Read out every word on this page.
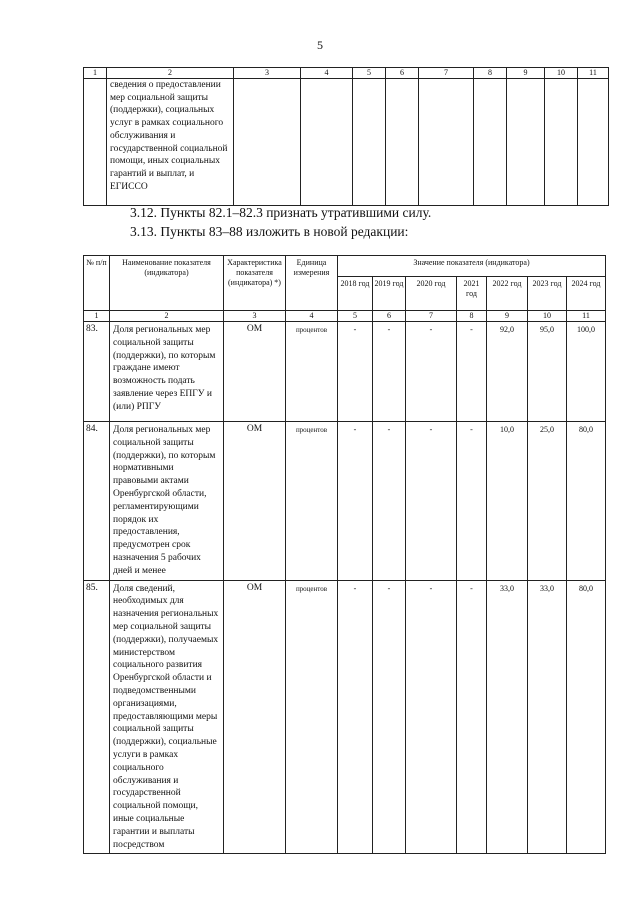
5
1	2	3	4	5	6	7	8	9	10	11
	сведения о предоставлении мер социальной защиты (поддержки), социальных услуг в рамках социального обслуживания и государственной социальной помощи, иных социальных гарантий и выплат, и ЕГИССО									
3.12. Пункты 82.1–82.3 признать утратившими силу.
3.13. Пункты 83–88 изложить в новой редакции:
№ п/п	Наименование показателя (индикатора)	Характеристика показателя (индикатора) *)	Единица измерения	Значение показателя (индикатора)						
				2018 год	2019 год	2020 год	2021 год	2022 год	2023 год	2024 год
1	2	3	4	5	6	7	8	9	10	11
83.	Доля региональных мер социальной защиты (поддержки), по которым граждане имеют возможность подать заявление через ЕПГУ и (или) РПГУ	ОМ	процентов	-	-	-	-	92,0	95,0	100,0
84.	Доля региональных мер социальной защиты (поддержки), по которым нормативными правовыми актами Оренбургской области, регламентирующими порядок их предоставления, предусмотрен срок назначения 5 рабочих дней и менее	ОМ	процентов	-	-	-	-	10,0	25,0	80,0
85.	Доля сведений, необходимых для назначения региональных мер социальной защиты (поддержки), получаемых министерством социального развития Оренбургской области и подведомственными организациями, предоставляющими меры социальной защиты (поддержки), социальные услуги в рамках социального обслуживания и государственной социальной помощи, иные социальные гарантии и выплаты посредством	ОМ	процентов	-	-	-	-	33,0	33,0	80,0
